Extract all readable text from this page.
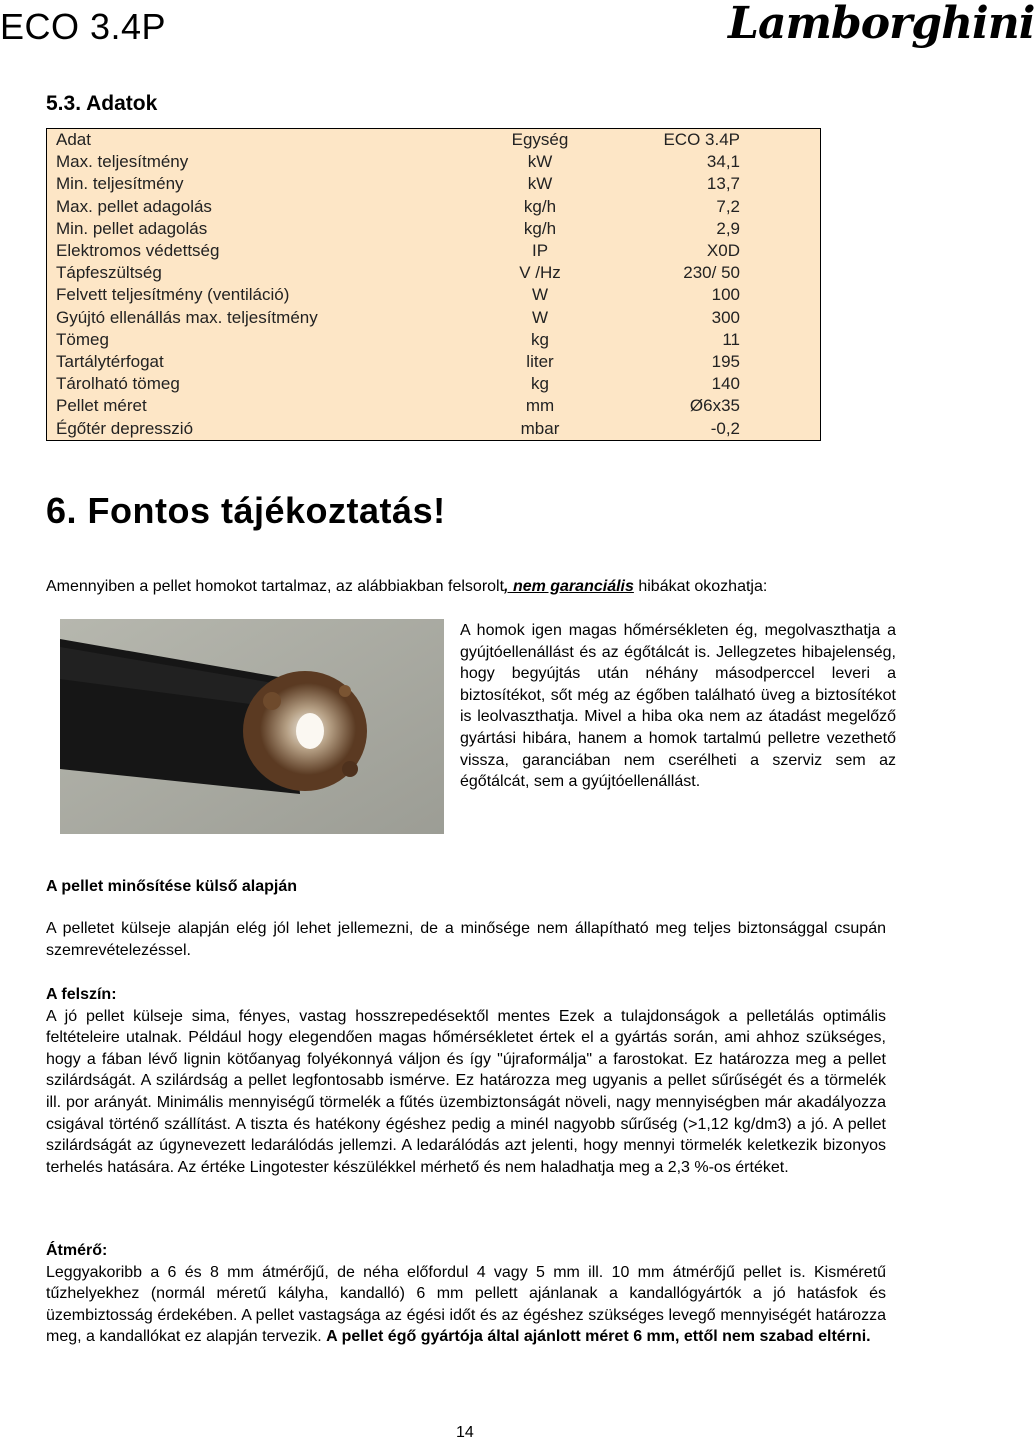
ECO 3.4P	Lamborghini
5.3. Adatok
Adat	Egység	ECO 3.4P
Max. teljesítmény	kW	34,1
Min. teljesítmény	kW	13,7
Max. pellet adagolás	kg/h	7,2
Min. pellet adagolás	kg/h	2,9
Elektromos védettség	IP	X0D
Tápfeszültség	V /Hz	230/ 50
Felvett teljesítmény (ventiláció)	W	100
Gyújtó ellenállás max. teljesítmény	W	300
Tömeg	kg	11
Tartálytérfogat	liter	195
Tárolható tömeg	kg	140
Pellet méret	mm	Ø6x35
Égőtér depresszió	mbar	-0,2
6. Fontos tájékoztatás!
Amennyiben a pellet homokot tartalmaz, az alábbiakban felsorolt, nem garanciális hibákat okozhatja:
A homok igen magas hőmérsékleten ég, megolvaszthatja a gyújtóellenállást és az égőtálcát is. Jellegzetes hibajelenség, hogy begyújtás után néhány másodperccel leveri a biztosítékot, sőt még az égőben található üveg a biztosítékot is leolvaszthatja. Mivel a hiba oka nem az átadást megelőző gyártási hibára, hanem a homok tartalmú pelletre vezethető vissza, garanciában nem cserélheti a szerviz sem az égőtálcát, sem a gyújtóellenállást.
A pellet minősítése külső alapján
A pelletet külseje alapján elég jól lehet jellemezni, de a minősége nem állapítható meg teljes biztonsággal csupán szemrevételezéssel.

A felszín:

A jó pellet külseje sima, fényes, vastag hosszrepedésektől mentes Ezek a tulajdonságok a pelletálás optimális feltételeire utalnak. Például hogy elegendően magas hőmérsékletet értek el a gyártás során, ami ahhoz szükséges, hogy a fában lévő lignin kötőanyag folyékonnyá váljon és így "újraformálja" a farostokat. Ez határozza meg a pellet szilárdságát. A szilárdság a pellet legfontosabb ismérve. Ez határozza meg ugyanis a pellet sűrűségét és a törmelék ill. por arányát. Minimális mennyiségű törmelék a fűtés üzembiztonságát növeli, nagy mennyiségben már akadályozza csigával történő szállítást. A tiszta és hatékony égéshez pedig a minél nagyobb sűrűség (>1,12 kg/dm3) a jó. A pellet szilárdságát az úgynevezett ledarálódás jellemzi. A ledarálódás azt jelenti, hogy mennyi törmelék keletkezik bizonyos terhelés hatására. Az értéke Lingotester készülékkel mérhető és nem haladhatja meg a 2,3 %-os értéket.

Átmérő:

Leggyakoribb a 6 és 8 mm átmérőjű, de néha előfordul 4 vagy 5 mm ill. 10 mm átmérőjű pellet is. Kisméretű tűzhelyekhez (normál méretű kályha, kandalló) 6 mm pellett ajánlanak a kandallógyártók a jó hatásfok és üzembiztosság érdekében. A pellet vastagsága az égési időt és az égéshez szükséges levegő mennyiségét határozza meg, a kandallókat ez alapján tervezik. A pellet égő gyártója által ajánlott méret 6 mm, ettől nem szabad eltérni.

14
